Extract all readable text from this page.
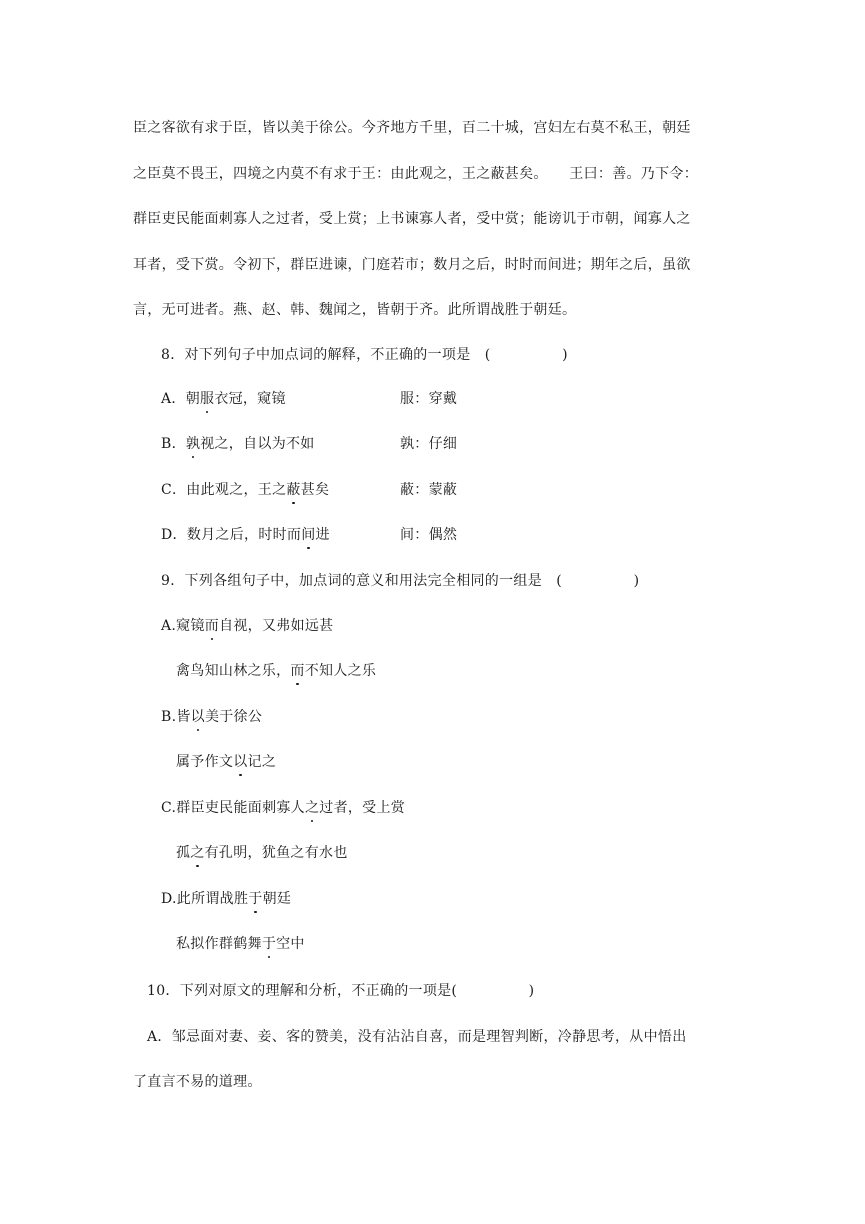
臣之客欲有求于臣，皆以美于徐公。今齐地方千里，百二十城，宫妇左右莫不私王，朝廷
之臣莫不畏王，四境之内莫不有求于王：由此观之，王之蔽甚矣。　　王曰：善。乃下令：
群臣吏民能面刺寡人之过者，受上赏；上书谏寡人者，受中赏；能谤讥于市朝，闻寡人之
耳者，受下赏。令初下，群臣进谏，门庭若市；数月之后，时时而间进；期年之后，虽欲
言，无可进者。燕、赵、韩、魏闻之，皆朝于齐。此所谓战胜于朝廷。
8．对下列句子中加点词的解释，不正确的一项是　(　　　　　)
A．朝服衣冠，窥镜	服：穿戴
B．孰视之，自以为不如	孰：仔细
C．由此观之，王之蔽甚矣	蔽：蒙蔽
D．数月之后，时时而间进	间：偶然
9．下列各组句子中，加点词的意义和用法完全相同的一组是　(　　　　　)
A.窥镜而自视，又弗如远甚
禽鸟知山林之乐，而不知人之乐
B.皆以美于徐公
属予作文以记之
C.群臣吏民能面刺寡人之过者，受上赏
孤之有孔明，犹鱼之有水也
D.此所谓战胜于朝廷
私拟作群鹤舞于空中
10．下列对原文的理解和分析，不正确的一项是(　　　　　)
A．邹忌面对妻、妾、客的赞美，没有沾沾自喜，而是理智判断，冷静思考，从中悟出
了直言不易的道理。
